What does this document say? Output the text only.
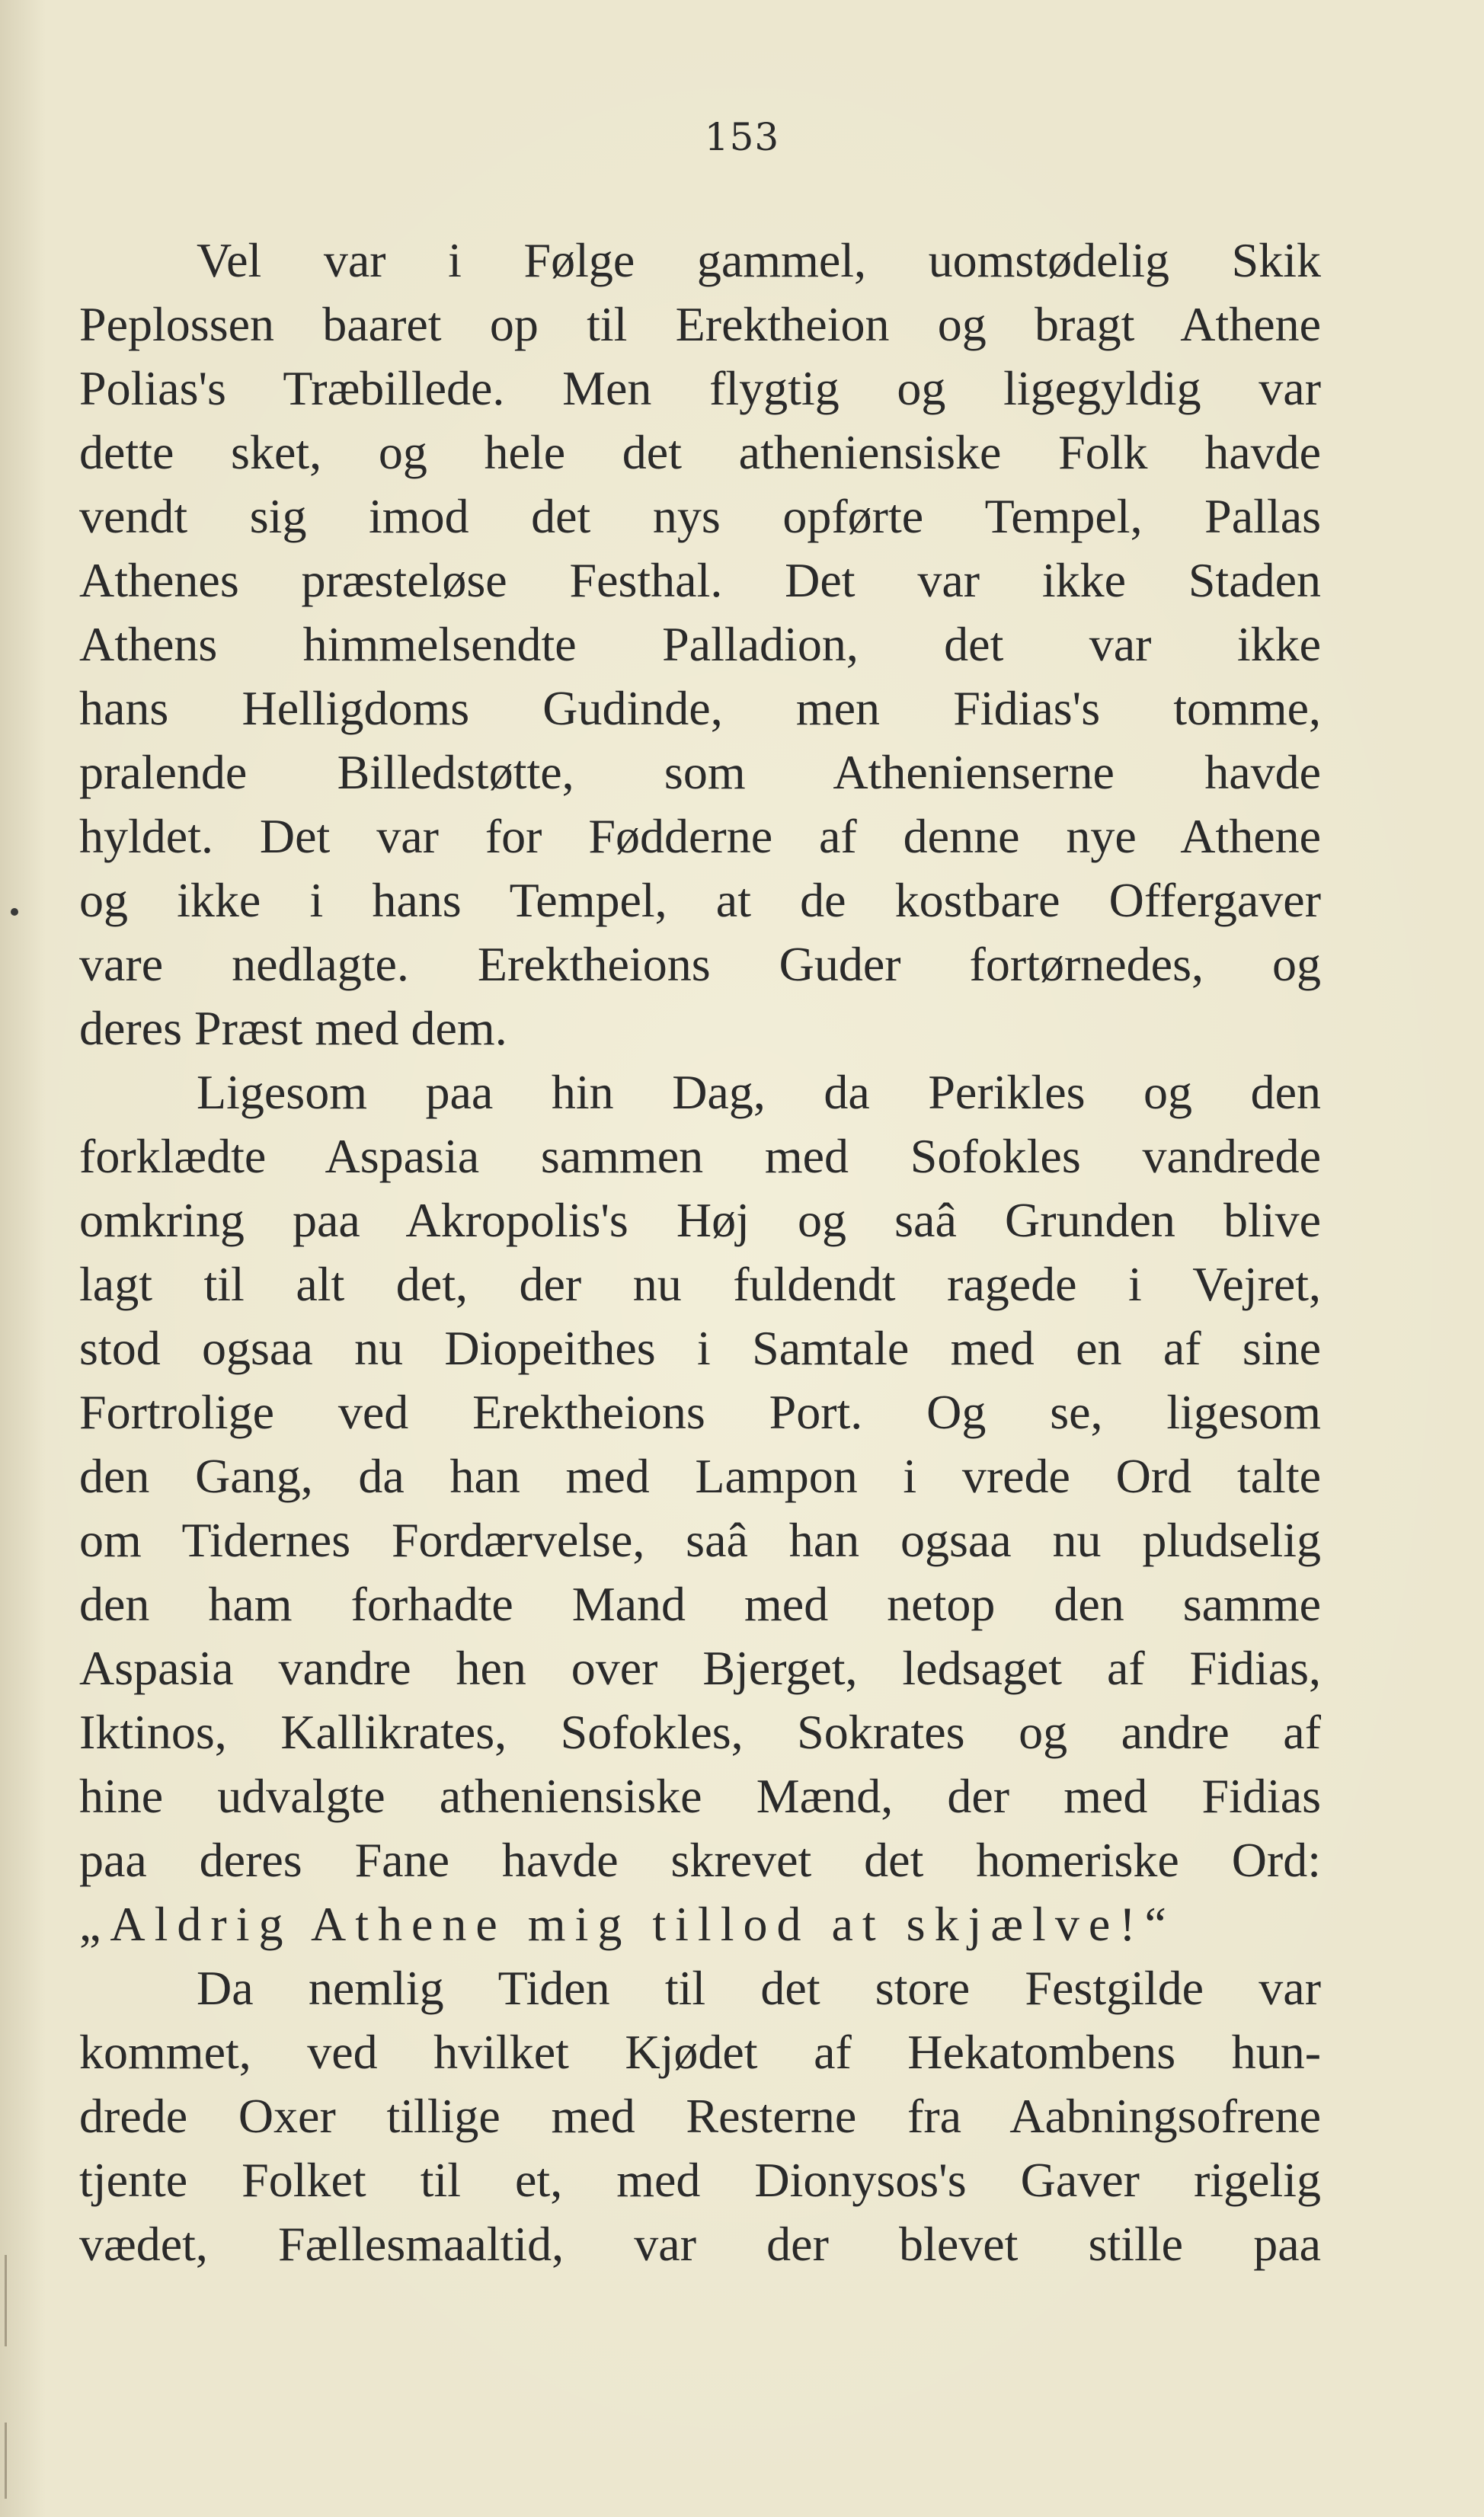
153
Vel var i Følge gammel, uomstødelig Skik
Peplossen baaret op til Erektheion og bragt Athene
Polias's Træbillede. Men flygtig og ligegyldig var
dette sket, og hele det atheniensiske Folk havde
vendt sig imod det nys opførte Tempel, Pallas
Athenes præsteløse Festhal. Det var ikke Staden
Athens himmelsendte Palladion, det var ikke
hans Helligdoms Gudinde, men Fidias's tomme,
pralende Billedstøtte, som Athenienserne havde
hyldet. Det var for Fødderne af denne nye Athene
og ikke i hans Tempel, at de kostbare Offergaver
vare nedlagte. Erektheions Guder fortørnedes, og
deres Præst med dem.
Ligesom paa hin Dag, da Perikles og den
forklædte Aspasia sammen med Sofokles vandrede
omkring paa Akropolis's Høj og saâ Grunden blive
lagt til alt det, der nu fuldendt ragede i Vejret,
stod ogsaa nu Diopeithes i Samtale med en af sine
Fortrolige ved Erektheions Port. Og se, ligesom
den Gang, da han med Lampon i vrede Ord talte
om Tidernes Fordærvelse, saâ han ogsaa nu pludselig
den ham forhadte Mand med netop den samme
Aspasia vandre hen over Bjerget, ledsaget af Fidias,
Iktinos, Kallikrates, Sofokles, Sokrates og andre af
hine udvalgte atheniensiske Mænd, der med Fidias
paa deres Fane havde skrevet det homeriske Ord:
„Aldrig Athene mig tillod at skjælve!“
Da nemlig Tiden til det store Festgilde var
kommet, ved hvilket Kjødet af Hekatombens hun-
drede Oxer tillige med Resterne fra Aabningsofrene
tjente Folket til et, med Dionysos's Gaver rigelig
vædet, Fællesmaaltid, var der blevet stille paa
